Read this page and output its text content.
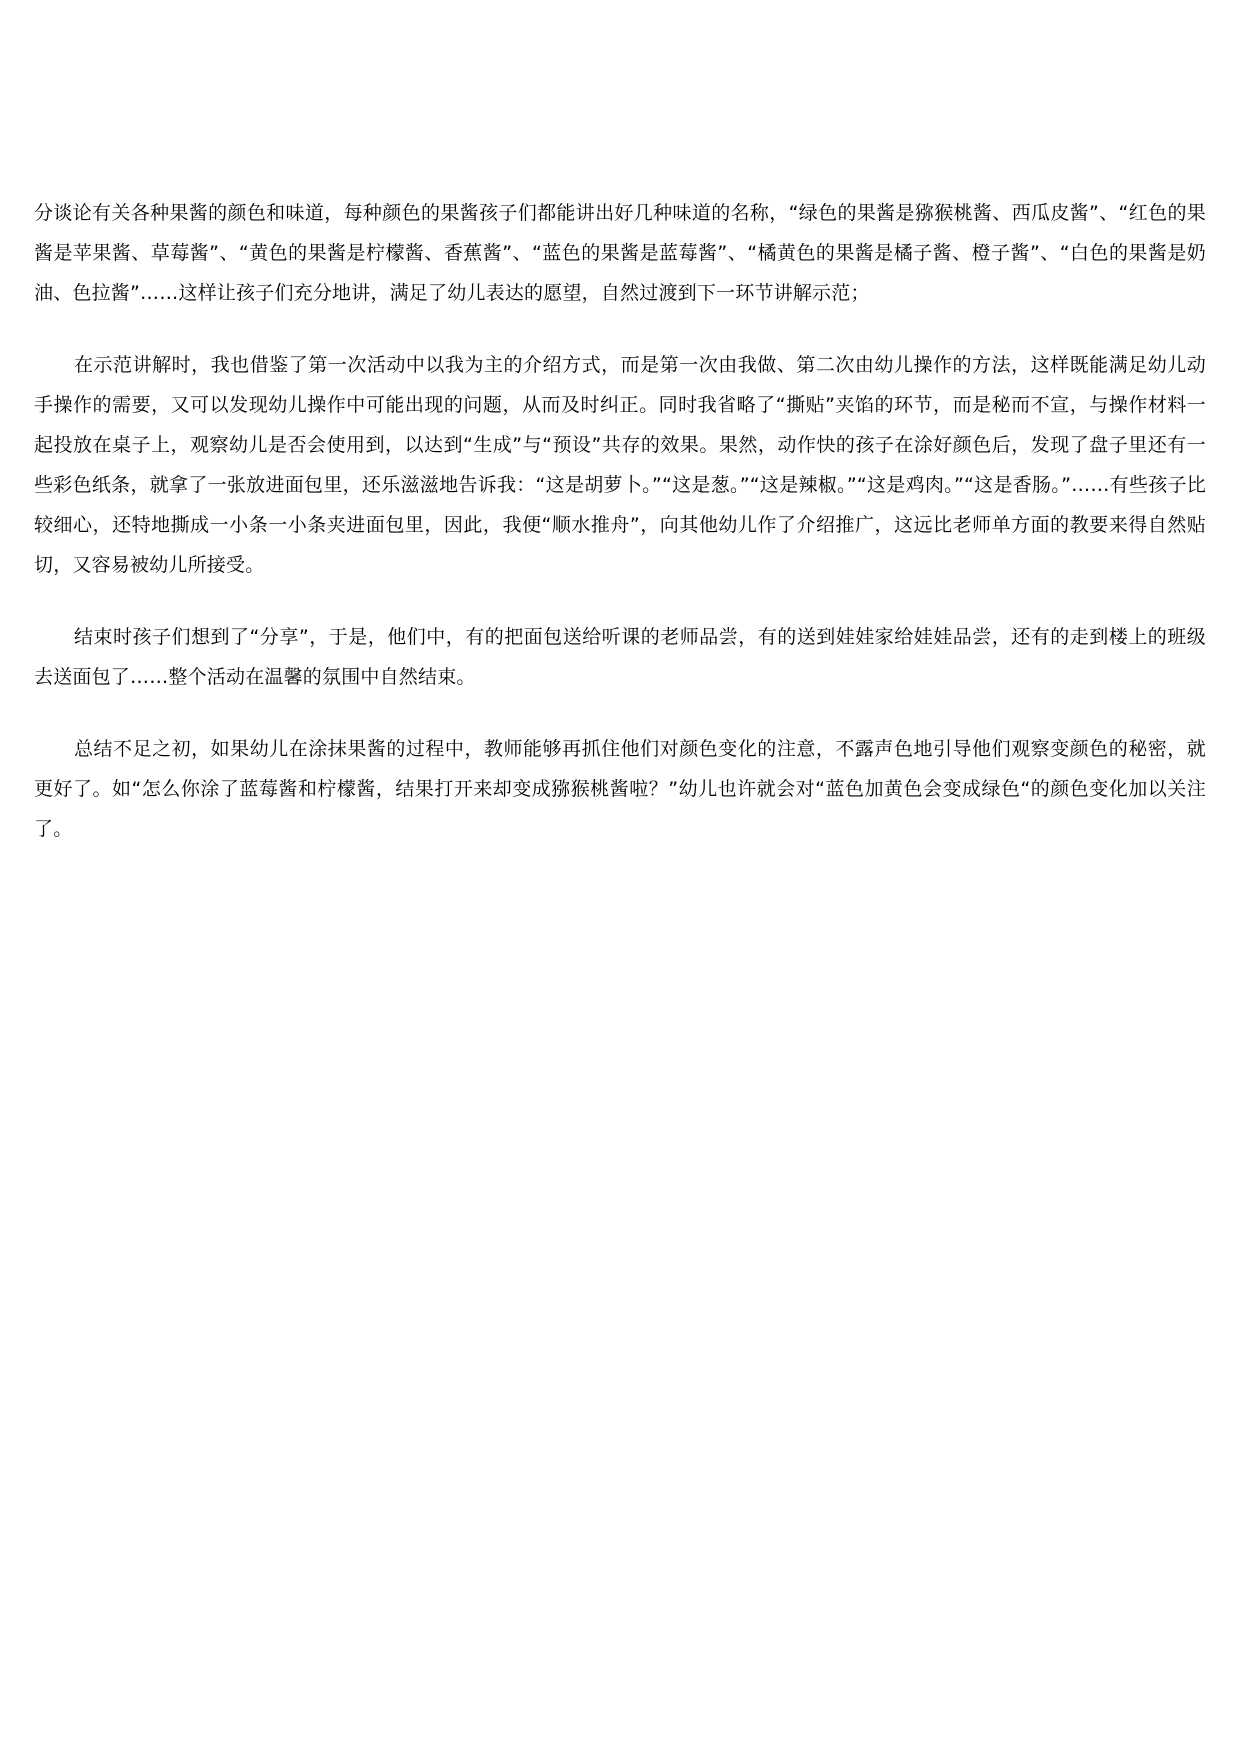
分谈论有关各种果酱的颜色和味道，每种颜色的果酱孩子们都能讲出好几种味道的名称，“绿色的果酱是猕猴桃酱、西瓜皮酱”、“红色的果酱是苹果酱、草莓酱”、“黄色的果酱是柠檬酱、香蕉酱”、“蓝色的果酱是蓝莓酱”、“橘黄色的果酱是橘子酱、橙子酱”、“白色的果酱是奶油、色拉酱”……这样让孩子们充分地讲，满足了幼儿表达的愿望，自然过渡到下一环节讲解示范；

在示范讲解时，我也借鉴了第一次活动中以我为主的介绍方式，而是第一次由我做、第二次由幼儿操作的方法，这样既能满足幼儿动手操作的需要，又可以发现幼儿操作中可能出现的问题，从而及时纠正。同时我省略了“撕贴”夹馅的环节，而是秘而不宣，与操作材料一起投放在桌子上，观察幼儿是否会使用到，以达到“生成”与“预设”共存的效果。果然，动作快的孩子在涂好颜色后，发现了盘子里还有一些彩色纸条，就拿了一张放进面包里，还乐滋滋地告诉我：“这是胡萝卜。”“这是葱。”“这是辣椒。”“这是鸡肉。”“这是香肠。”……有些孩子比较细心，还特地撕成一小条一小条夹进面包里，因此，我便“顺水推舟”，向其他幼儿作了介绍推广，这远比老师单方面的教要来得自然贴切，又容易被幼儿所接受。

结束时孩子们想到了“分享”，于是，他们中，有的把面包送给听课的老师品尝，有的送到娃娃家给娃娃品尝，还有的走到楼上的班级去送面包了……整个活动在温馨的氛围中自然结束。

总结不足之初，如果幼儿在涂抹果酱的过程中，教师能够再抓住他们对颜色变化的注意，不露声色地引导他们观察变颜色的秘密，就更好了。如“怎么你涂了蓝莓酱和柠檬酱，结果打开来却变成猕猴桃酱啦？”幼儿也许就会对“蓝色加黄色会变成绿色“的颜色变化加以关注了。
